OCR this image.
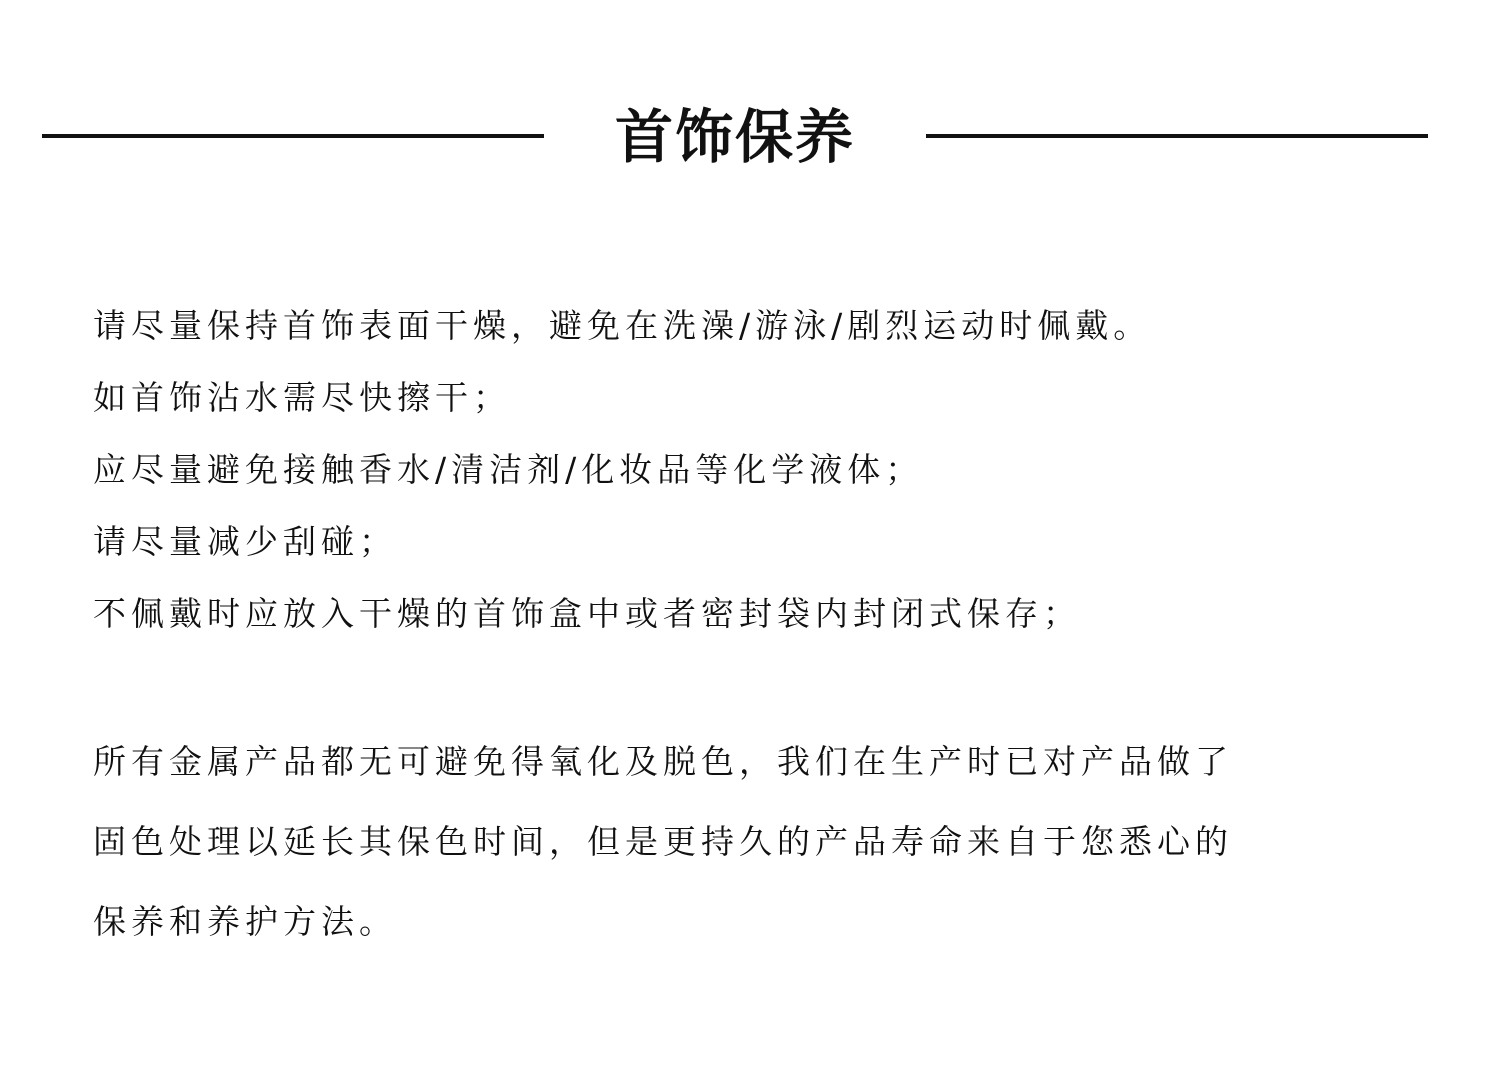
首饰保养
请尽量保持首饰表面干燥，避免在洗澡/游泳/剧烈运动时佩戴。
如首饰沾水需尽快擦干；
应尽量避免接触香水/清洁剂/化妆品等化学液体；
请尽量减少刮碰；
不佩戴时应放入干燥的首饰盒中或者密封袋内封闭式保存；
所有金属产品都无可避免得氧化及脱色，我们在生产时已对产品做了
固色处理以延长其保色时间，但是更持久的产品寿命来自于您悉心的
保养和养护方法。
